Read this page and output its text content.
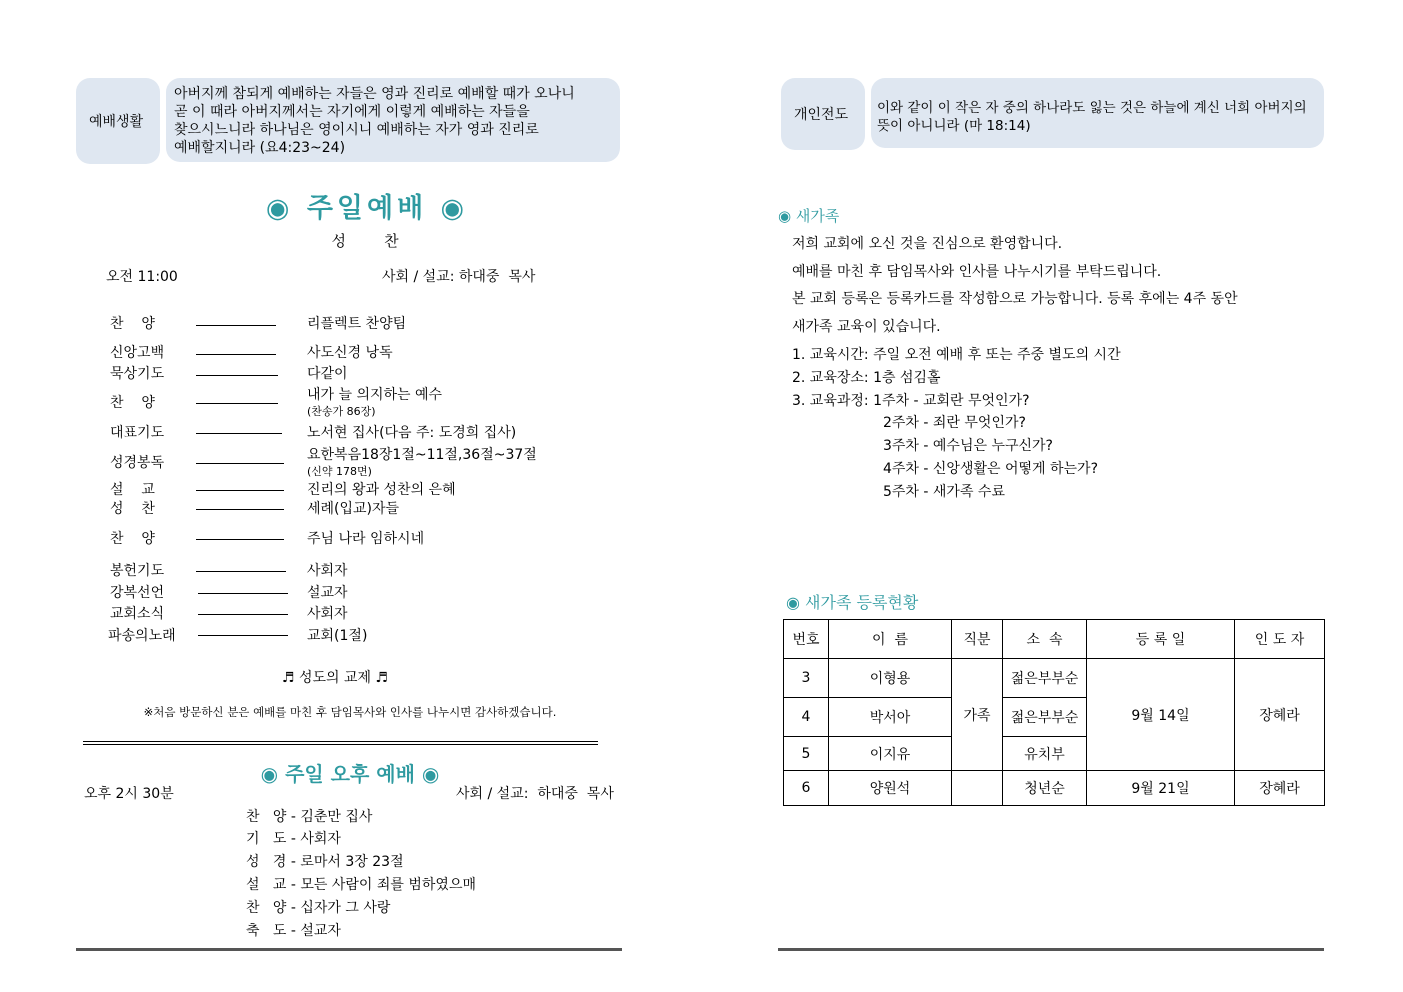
예배생활
아버지께 참되게 예배하는 자들은 영과 진리로 예배할 때가 오나니
곧 이 때라 아버지께서는 자기에게 이렇게 예배하는 자들을
찾으시느니라 하나님은 영이시니 예배하는 자가 영과 진리로
예배할지니라 (요4:23~24)
◉ 주일예배 ◉
성        찬
오전 11:00	사회 / 설교: 하대중  목사
찬    양	리플렉트 찬양팀
신앙고백	사도신경 낭독
묵상기도	다같이
찬    양	내가 늘 의지하는 예수
(찬송가 86장)
대표기도	노서현 집사(다음 주: 도경희 집사)
성경봉독	요한복음18장1절~11절,36절~37절
(신약 178면)
설    교	진리의 왕과 성찬의 은혜
성    찬	세례(입교)자들
찬    양	주님 나라 임하시네
봉헌기도	사회자
강복선언	설교자
교회소식	사회자
파송의노래	교회(1절)
♬ 성도의 교제 ♬
※처음 방문하신 분은 예배를 마친 후 담임목사와 인사를 나누시면 감사하겠습니다.
◉ 주일 오후 예배 ◉
오후 2시 30분	사회 / 설교:  하대중  목사
찬   양 - 김춘만 집사
기   도 - 사회자
성   경 - 로마서 3장 23절
설   교 - 모든 사람이 죄를 범하였으매
찬   양 - 십자가 그 사랑
축   도 - 설교자
개인전도 이와 같이 이 작은 자 중의 하나라도 잃는 것은 하늘에 계신 너희 아버지의
뜻이 아니니라 (마 18:14)
◉ 새가족
저희 교회에 오신 것을 진심으로 환영합니다.
예배를 마친 후 담임목사와 인사를 나누시기를 부탁드립니다.
본 교회 등록은 등록카드를 작성함으로 가능합니다. 등록 후에는 4주 동안
새가족 교육이 있습니다.
1. 교육시간: 주일 오전 예배 후 또는 주중 별도의 시간
2. 교육장소: 1층 섬김홀
3. 교육과정: 1주차 - 교회란 무엇인가?
2주차 - 죄란 무엇인가?
3주차 - 예수님은 누구신가?
4주차 - 신앙생활은 어떻게 하는가?
5주차 - 새가족 수료
◉ 새가족 등록현황
번호	이  름	직분	소  속	등 록 일	인 도 자
3	이형용	가족	젊은부부순	9월 14일	장혜라
4	박서아		젊은부부순		
5	이지유		유치부		
6	양원석		청년순	9월 21일	장혜라
